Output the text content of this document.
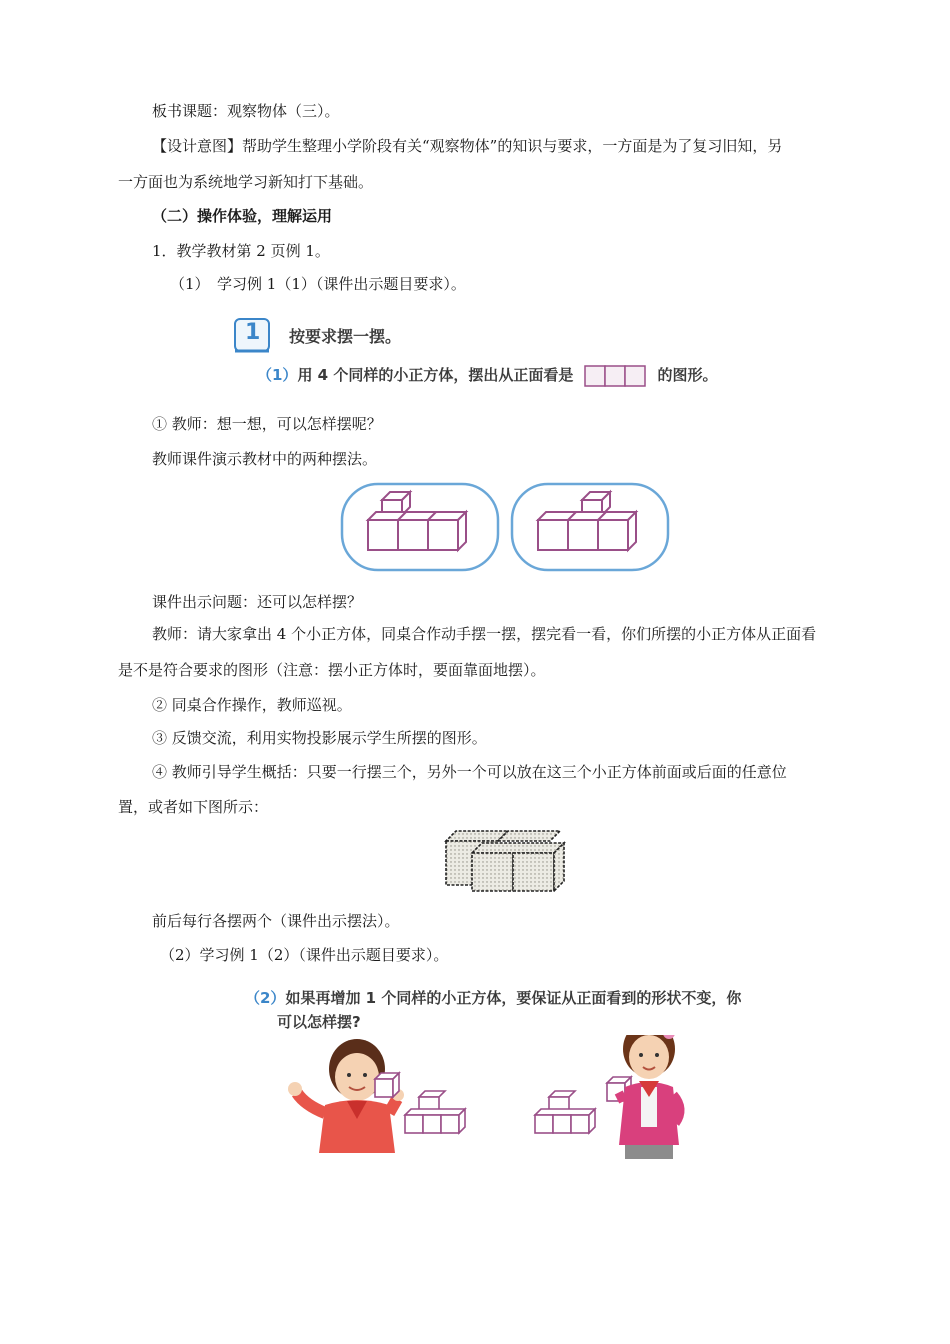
板书课题：观察物体（三）。
【设计意图】帮助学生整理小学阶段有关“观察物体”的知识与要求，一方面是为了复习旧知，另
一方面也为系统地学习新知打下基础。
（二）操作体验，理解运用
1．教学教材第 2 页例 1。
（1）　学习例 1（1）（课件出示题目要求）。
1 按要求摆一摆。
（1）用 4 个同样的小正方体，摆出从正面看是	的图形。
① 教师：想一想，可以怎样摆呢？
教师课件演示教材中的两种摆法。
课件出示问题：还可以怎样摆？
教师：请大家拿出 4 个小正方体，同桌合作动手摆一摆，摆完看一看，你们所摆的小正方体从正面看
是不是符合要求的图形（注意：摆小正方体时，要面靠面地摆）。
② 同桌合作操作，教师巡视。
③ 反馈交流，利用实物投影展示学生所摆的图形。
④ 教师引导学生概括：只要一行摆三个，另外一个可以放在这三个小正方体前面或后面的任意位
置，或者如下图所示：
前后每行各摆两个（课件出示摆法）。
（2）学习例 1（2）（课件出示题目要求）。
（2）如果再增加 1 个同样的小正方体，要保证从正面看到的形状不变，你
可以怎样摆?
